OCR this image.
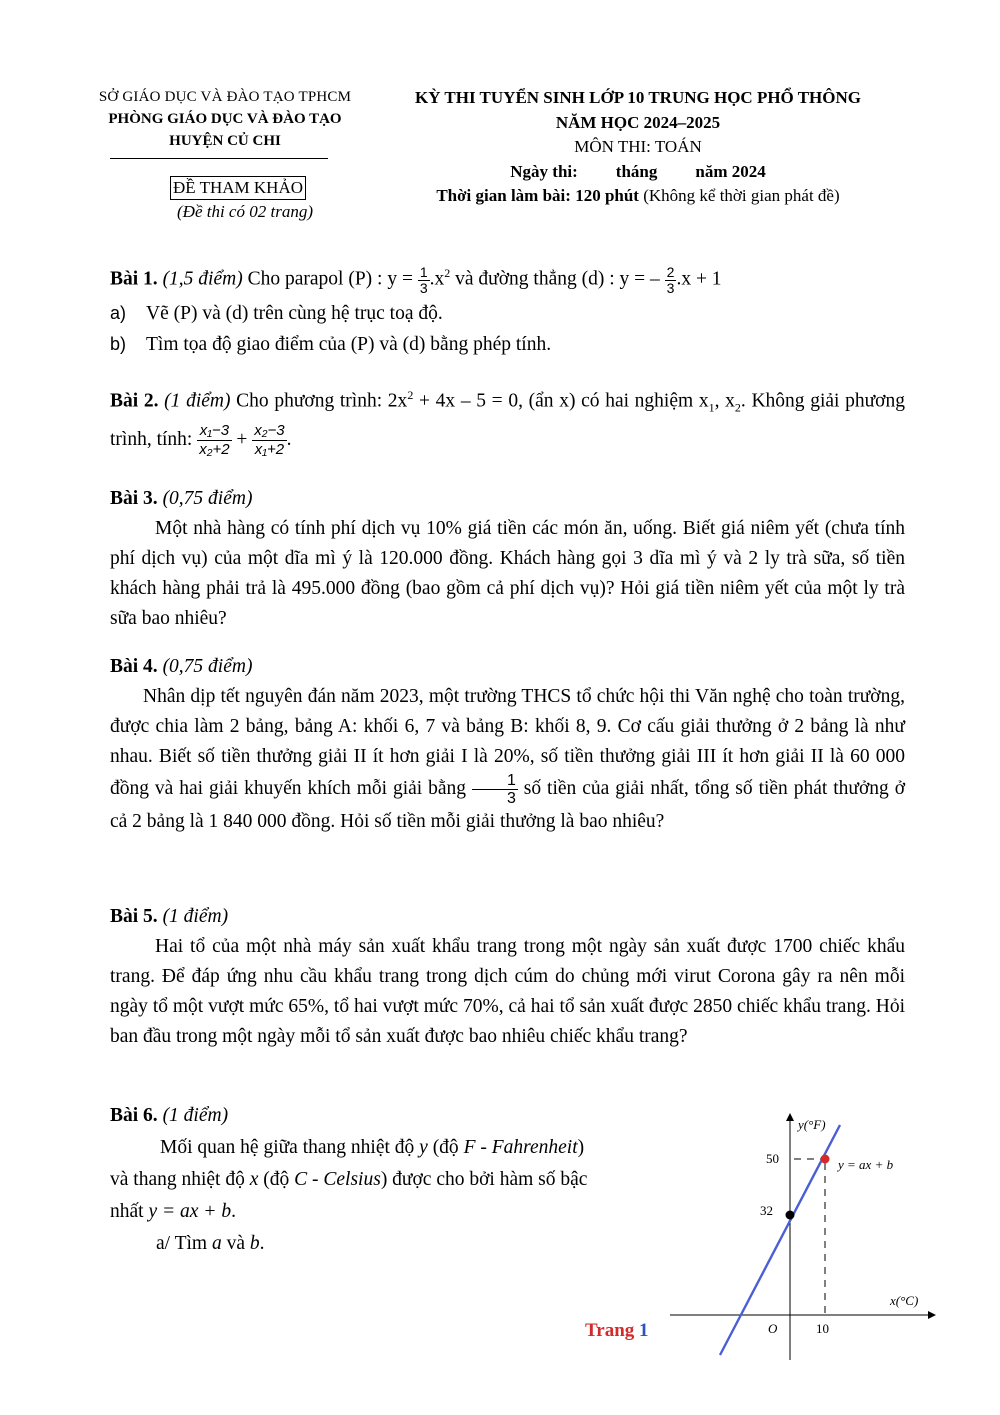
SỞ GIÁO DỤC VÀ ĐÀO TẠO TPHCM
PHÒNG GIÁO DỤC VÀ ĐÀO TẠO
HUYỆN CỦ CHI
ĐỀ THAM KHẢO
(Đề thi có 02 trang)
KỲ THI TUYỂN SINH LỚP 10 TRUNG HỌC PHỔ THÔNG
NĂM HỌC 2024–2025
MÔN THI: TOÁN
Ngày thi: tháng năm 2024
Thời gian làm bài: 120 phút (Không kể thời gian phát đề)
Bài 1. (1,5 điểm) Cho parapol (P) : $y = \frac{1}{3} .x^2$ và đường thẳng (d) : y = – $\frac{2}{3} .x + 1$
a) Vẽ (P) và (d) trên cùng hệ trục toạ độ.
b) Tìm tọa độ giao điểm của (P) và (d) bằng phép tính.
Bài 2. (1 điểm) Cho phương trình: $2x^2 + 4x - 5 = 0$, (ẩn x) có hai nghiệm $x_1$, $x_2$. Không giải phương trình, tính: $\frac{\text{x₁−3}}{\text{x₂+2}} + \frac{\text{x₂−3}}{\text{x₁+2}}$ .
Bài 3. (0,75 điểm)
Một nhà hàng có tính phí dịch vụ 10% giá tiền các món ăn, uống. Biết giá niêm yết (chưa tính phí dịch vụ) của một dĩa mì ý là 120.000 đồng. Khách hàng gọi 3 dĩa mì ý và 2 ly trà sữa, số tiền khách hàng phải trả là 495.000 đồng (bao gồm cả phí dịch vụ)? Hỏi giá tiền niêm yết của một ly trà sữa bao nhiêu?
Bài 4. (0,75 điểm)
Nhân dịp tết nguyên đán năm 2023, một trường THCS tổ chức hội thi Văn nghệ cho toàn trường, được chia làm 2 bảng, bảng A: khối 6, 7 và bảng B: khối 8, 9. Cơ cấu giải thưởng ở 2 bảng là như nhau. Biết số tiền thưởng giải II ít hơn giải I là 20%, số tiền thưởng giải III ít hơn giải II là 60 000 đồng và hai giải khuyến khích mỗi giải bằng $\frac{1}{3}$ số tiền của giải nhất, tổng số tiền phát thưởng ở cả 2 bảng là 1 840 000 đồng. Hỏi số tiền mỗi giải thưởng là bao nhiêu?
Bài 5. (1 điểm)
Hai tổ của một nhà máy sản xuất khẩu trang trong một ngày sản xuất được 1700 chiếc khẩu trang. Để đáp ứng nhu cầu khẩu trang trong dịch cúm do chủng mới virut Corona gây ra nên mỗi ngày tổ một vượt mức 65%, tổ hai vượt mức 70%, cả hai tổ sản xuất được 2850 chiếc khẩu trang. Hỏi ban đầu trong một ngày mỗi tổ sản xuất được bao nhiêu chiếc khẩu trang?
Bài 6. (1 điểm)
Mối quan hệ giữa thang nhiệt độ y (độ F - Fahrenheit)
và thang nhiệt độ x (độ C - Celsius) được cho bởi hàm số bậc
nhất y = ax + b.
a/ Tìm a và b.
y(°F)
x(°C)
y = ax + b
O
50
32
10
Trang 1
